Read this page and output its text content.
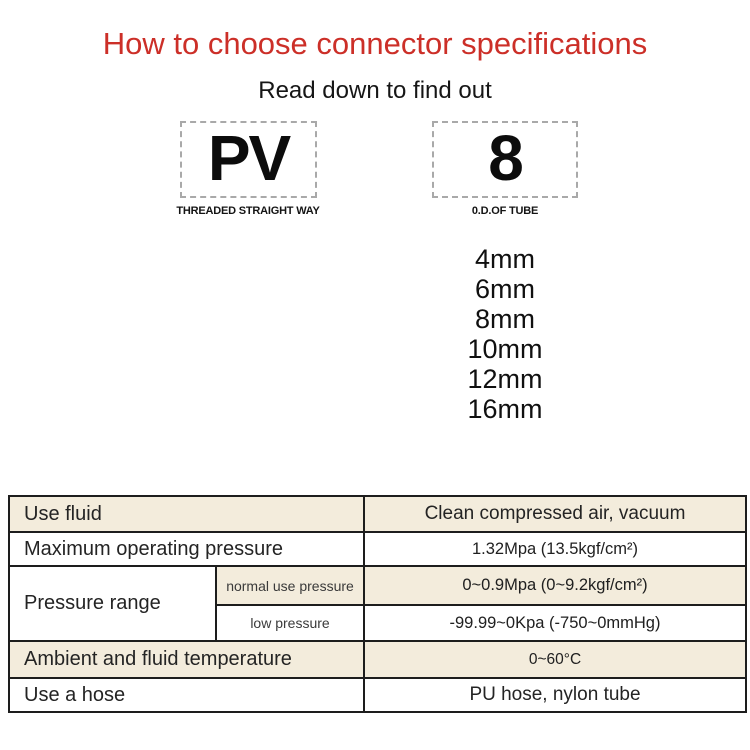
How to choose connector specifications
Read down to find out
PV	8
THREADED STRAIGHT WAY	0.D.OF TUBE
4mm
6mm
8mm
10mm
12mm
16mm
Use fluid		Clean compressed air, vacuum
Maximum operating pressure		1.32Mpa (13.5kgf/cm²)
Pressure range	normal use pressure	0~0.9Mpa (0~9.2kgf/cm²)
	low pressure	-99.99~0Kpa (-750~0mmHg)
Ambient and fluid temperature		0~60°C
Use a hose		PU hose, nylon tube
